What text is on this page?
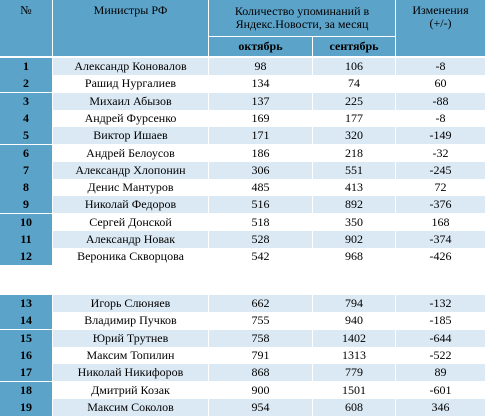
№	Министры РФ	Количество упоминаний в Яндекс.Новости, за месяц
октябрь	сентябрь
Изменения (+/-)
1	Александр Коновалов	98	106	-8
2	Рашид Нургалиев	134	74	60
3	Михаил Абызов	137	225	-88
4	Андрей Фурсенко	169	177	-8
5	Виктор Ишаев	171	320	-149
6	Андрей Белоусов	186	218	-32
7	Александр Хлопонин	306	551	-245
8	Денис Мантуров	485	413	72
9	Николай Федоров	516	892	-376
10	Сергей Донской	518	350	168
11	Александр Новак	528	902	-374
12	Вероника Скворцова	542	968	-426
13	Игорь Слюняев	662	794	-132
14	Владимир Пучков	755	940	-185
15	Юрий Трутнев	758	1402	-644
16	Максим Топилин	791	1313	-522
17	Николай Никифоров	868	779	89
18	Дмитрий Козак	900	1501	-601
19	Максим Соколов	954	608	346
